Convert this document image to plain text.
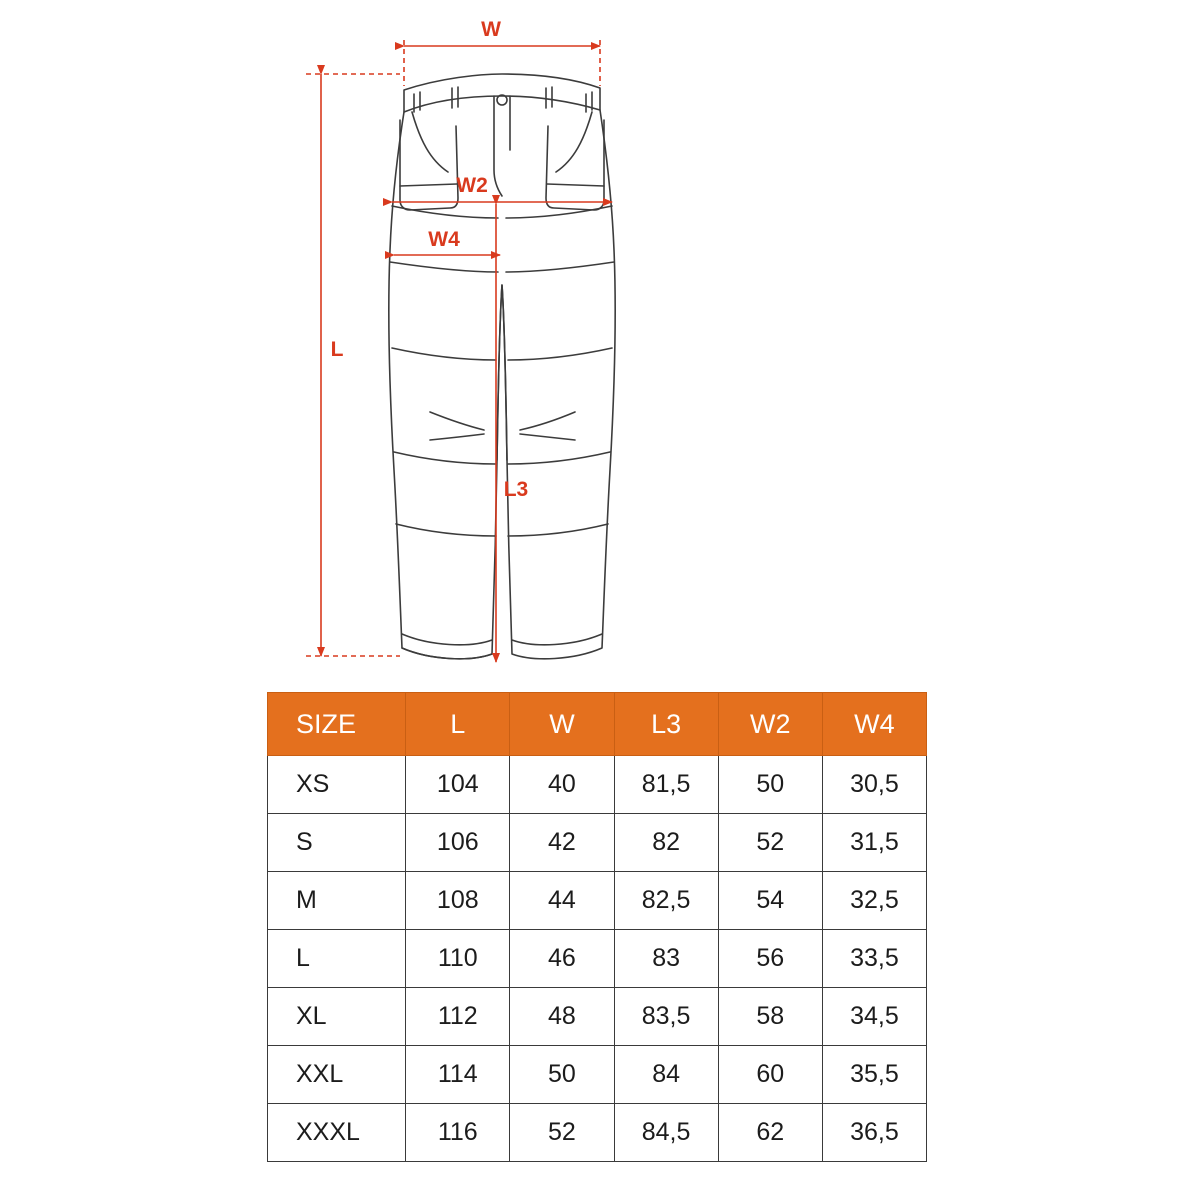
W
L
W2
W4
L3
SIZE	L	W	L3	W2	W4
XS	104	40	81,5	50	30,5
S	106	42	82	52	31,5
M	108	44	82,5	54	32,5
L	110	46	83	56	33,5
XL	112	48	83,5	58	34,5
XXL	114	50	84	60	35,5
XXXL	116	52	84,5	62	36,5
